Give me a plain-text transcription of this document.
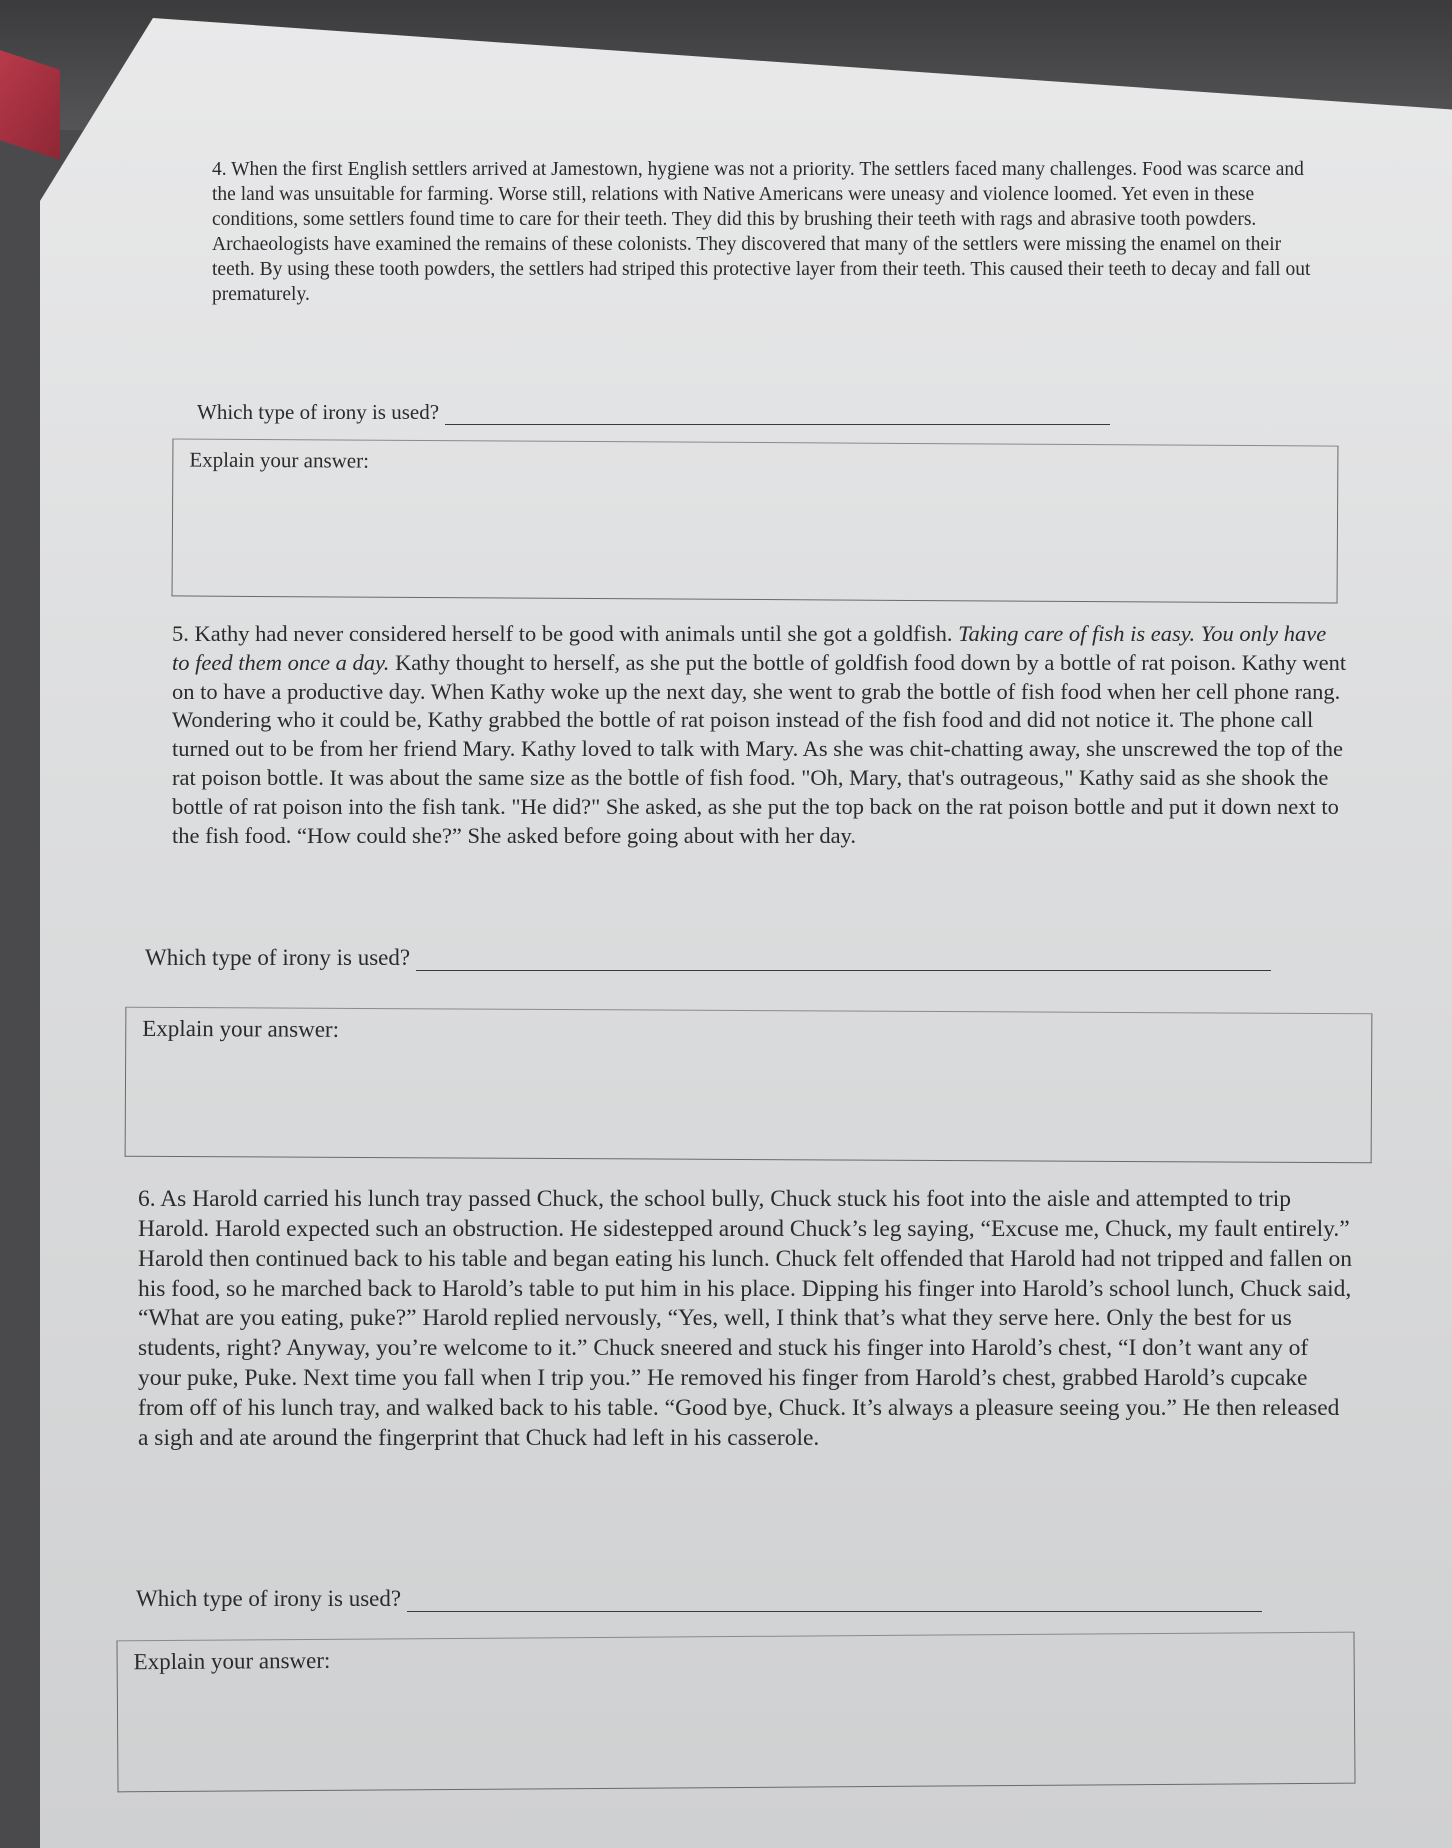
4. When the first English settlers arrived at Jamestown, hygiene was not a priority. The settlers faced many challenges. Food was scarce and the land was unsuitable for farming. Worse still, relations with Native Americans were uneasy and violence loomed. Yet even in these conditions, some settlers found time to care for their teeth. They did this by brushing their teeth with rags and abrasive tooth powders. Archaeologists have examined the remains of these colonists. They discovered that many of the settlers were missing the enamel on their teeth. By using these tooth powders, the settlers had striped this protective layer from their teeth. This caused their teeth to decay and fall out prematurely.

Which type of irony is used?
Explain your answer:

5. Kathy had never considered herself to be good with animals until she got a goldfish. Taking care of fish is easy. You only have to feed them once a day. Kathy thought to herself, as she put the bottle of goldfish food down by a bottle of rat poison. Kathy went on to have a productive day. When Kathy woke up the next day, she went to grab the bottle of fish food when her cell phone rang. Wondering who it could be, Kathy grabbed the bottle of rat poison instead of the fish food and did not notice it. The phone call turned out to be from her friend Mary. Kathy loved to talk with Mary. As she was chit-chatting away, she unscrewed the top of the rat poison bottle. It was about the same size as the bottle of fish food. "Oh, Mary, that's outrageous," Kathy said as she shook the bottle of rat poison into the fish tank. "He did?" She asked, as she put the top back on the rat poison bottle and put it down next to the fish food. “How could she?” She asked before going about with her day.

Which type of irony is used?
Explain your answer:

6. As Harold carried his lunch tray passed Chuck, the school bully, Chuck stuck his foot into the aisle and attempted to trip Harold. Harold expected such an obstruction. He sidestepped around Chuck’s leg saying, “Excuse me, Chuck, my fault entirely.” Harold then continued back to his table and began eating his lunch. Chuck felt offended that Harold had not tripped and fallen on his food, so he marched back to Harold’s table to put him in his place. Dipping his finger into Harold’s school lunch, Chuck said, “What are you eating, puke?” Harold replied nervously, “Yes, well, I think that’s what they serve here. Only the best for us students, right? Anyway, you’re welcome to it.” Chuck sneered and stuck his finger into Harold’s chest, “I don’t want any of your puke, Puke. Next time you fall when I trip you.” He removed his finger from Harold’s chest, grabbed Harold’s cupcake from off of his lunch tray, and walked back to his table. “Good bye, Chuck. It’s always a pleasure seeing you.” He then released a sigh and ate around the fingerprint that Chuck had left in his casserole.

Which type of irony is used?
Explain your answer:
